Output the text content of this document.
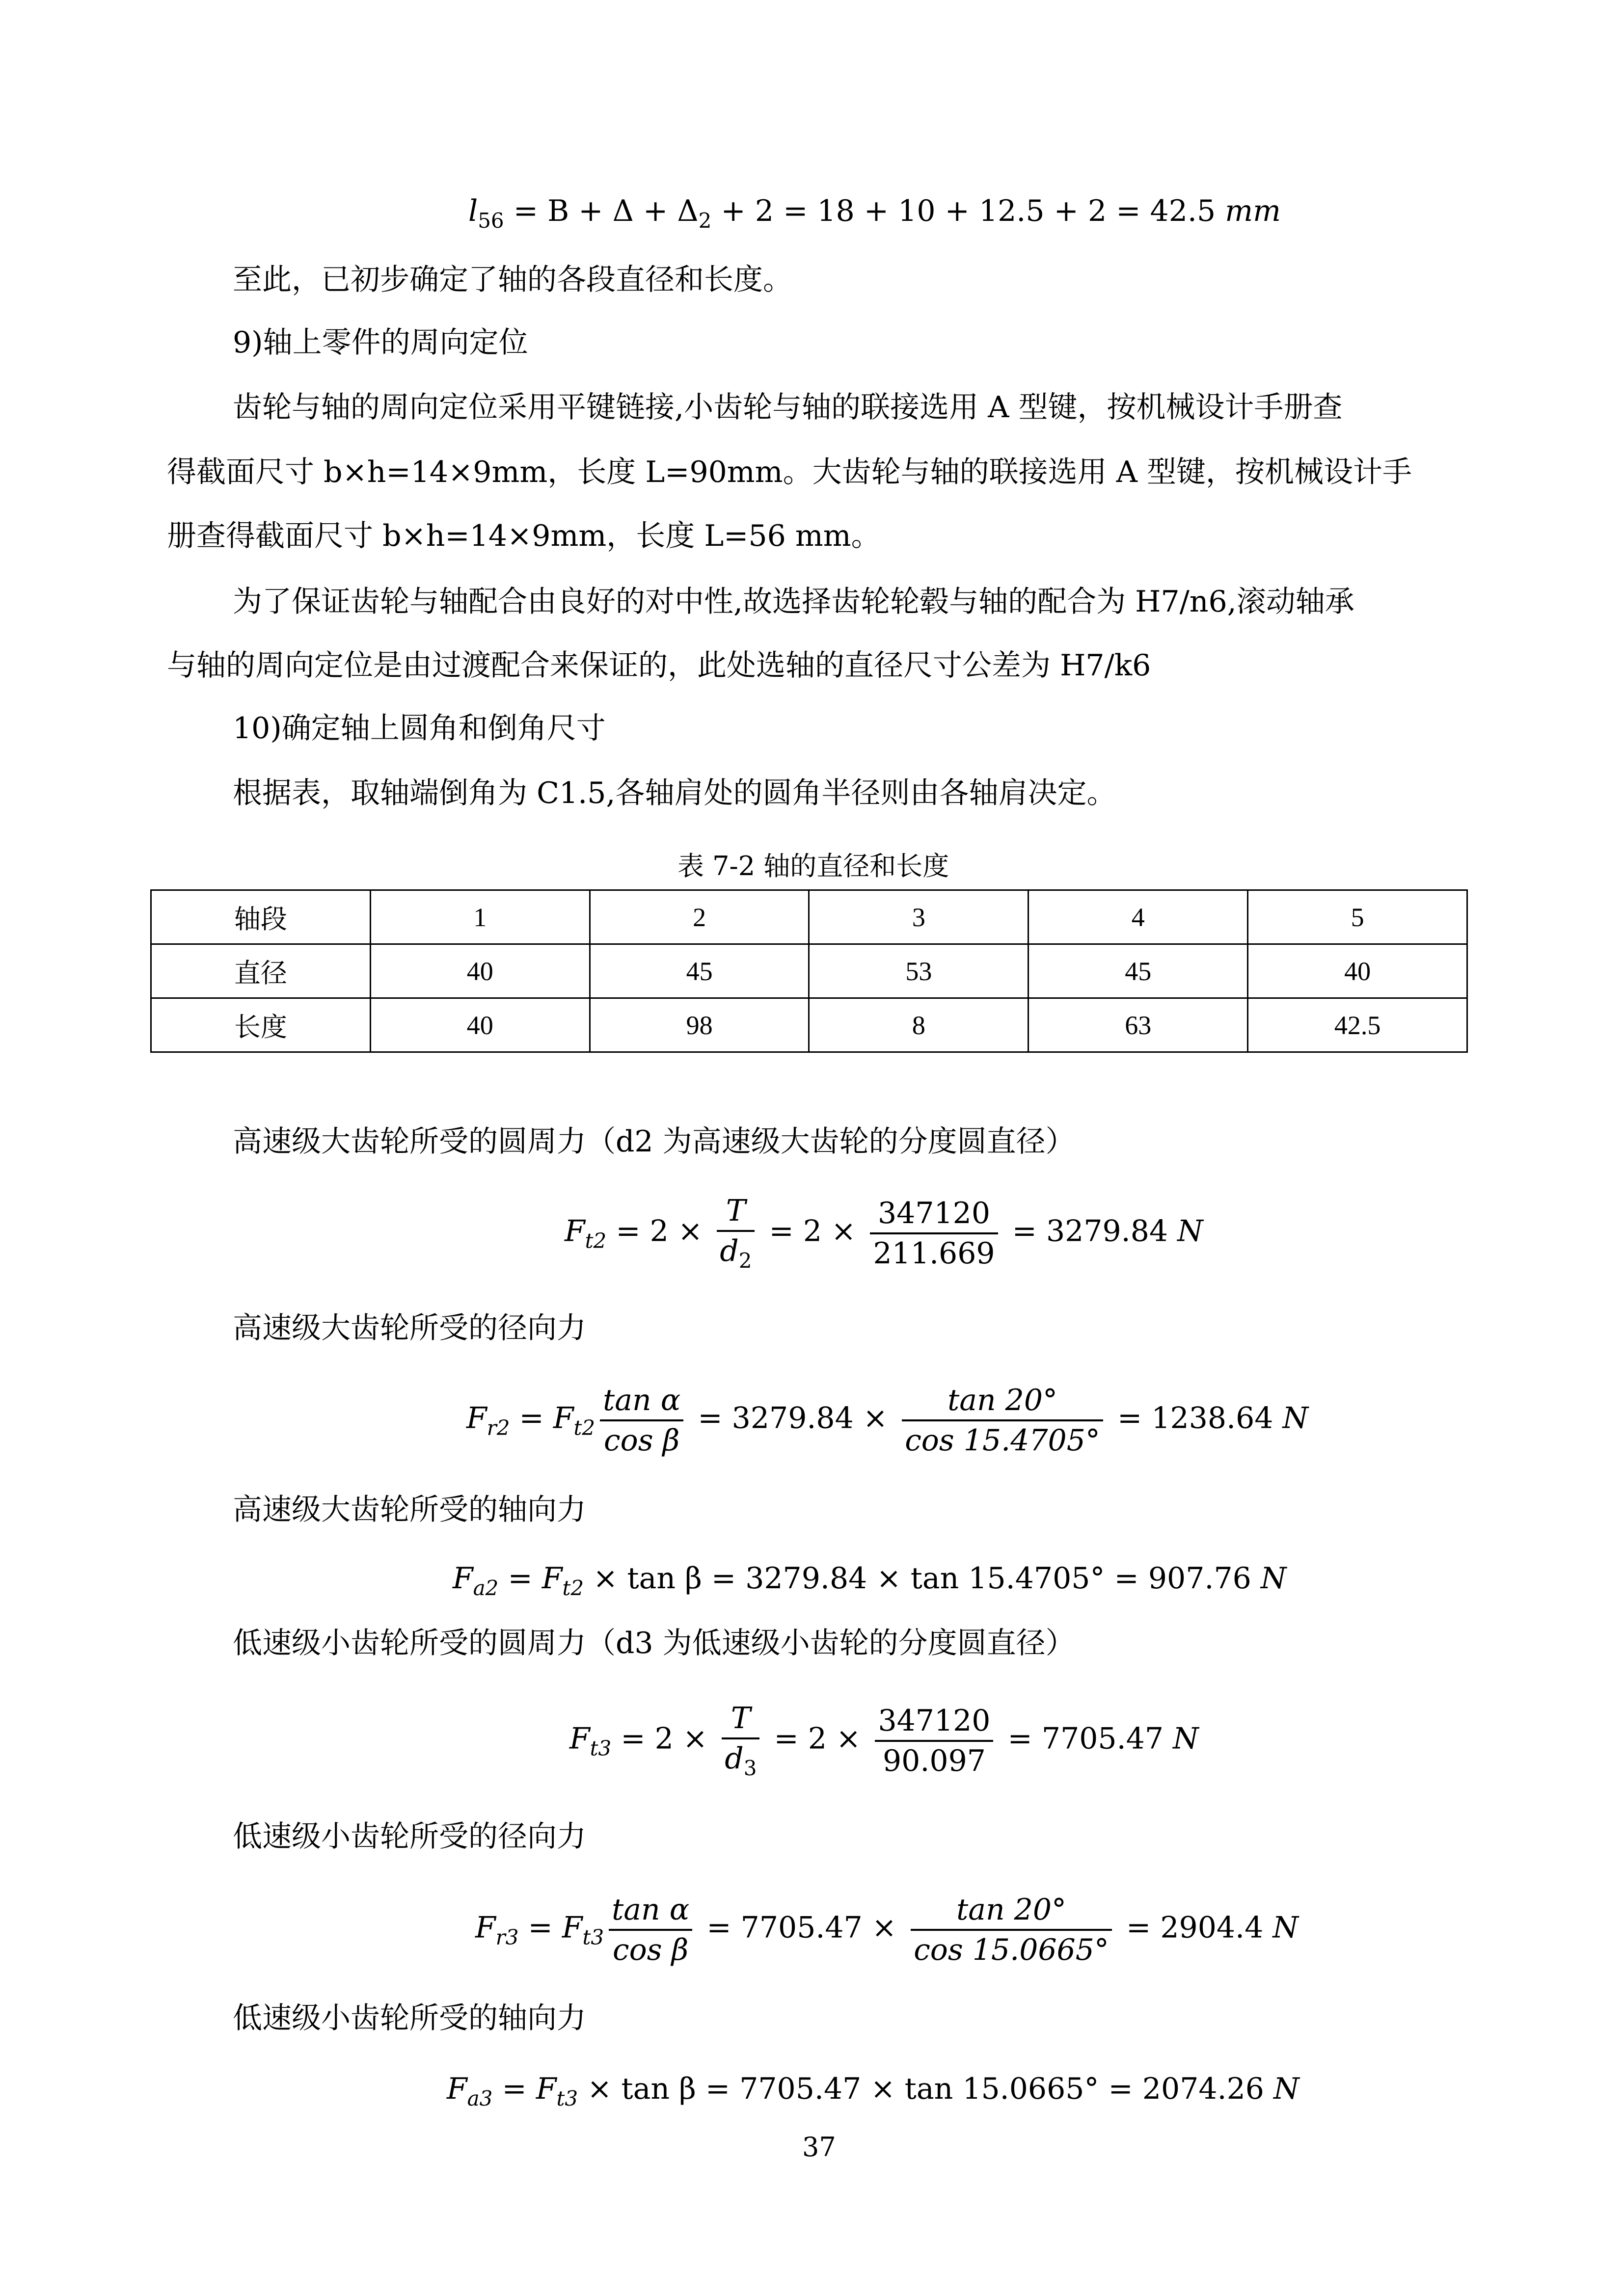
$l_{56} = B + \Delta + \Delta_2 + 2 = 18 + 10 + 12.5 + 2 = 42.5$ mm
至此，已初步确定了轴的各段直径和长度。
9)轴上零件的周向定位
齿轮与轴的周向定位采用平键链接,小齿轮与轴的联接选用 A 型键，按机械设计手册查
得截面尺寸 b×h=14×9mm，长度 L=90mm。大齿轮与轴的联接选用 A 型键，按机械设计手
册查得截面尺寸 b×h=14×9mm，长度 L=56 mm。
为了保证齿轮与轴配合由良好的对中性,故选择齿轮轮毂与轴的配合为 H7/n6,滚动轴承
与轴的周向定位是由过渡配合来保证的，此处选轴的直径尺寸公差为 H7/k6
10)确定轴上圆角和倒角尺寸
根据表，取轴端倒角为 C1.5,各轴肩处的圆角半径则由各轴肩决定。
表 7-2 轴的直径和长度
轴段	1	2	3	4	5
直径	40	45	53	45	40
长度	40	98	8	63	42.5
高速级大齿轮所受的圆周力（d2 为高速级大齿轮的分度圆直径）
$F_{t2} = 2 \times \frac{T}{d_2} = 2 \times \frac{347120}{211.669} = 3279.84$ N
高速级大齿轮所受的径向力
$F_{r2} = F_{t2} \frac{\text{tan α}}{\text{cos β}} = 3279.84 \times \frac{\tan 20^\circ}{\cos 15.4705^\circ} = 1238.64$ N
高速级大齿轮所受的轴向力
$F_{a2} = F_{t2} \times \tan \beta = 3279.84 \times \tan 15.4705^\circ = 907.76$ N
低速级小齿轮所受的圆周力（d3 为低速级小齿轮的分度圆直径）
$F_{t3} = 2 \times \frac{T}{d_3} = 2 \times \frac{347120}{90.097} = 7705.47$ N
低速级小齿轮所受的径向力
$F_{r3} = F_{t3} \frac{\text{tan α}}{\text{cos β}} = 7705.47 \times \frac{\tan 20^\circ}{\cos 15.0665^\circ} = 2904.4$ N
低速级小齿轮所受的轴向力
$F_{a3} = F_{t3} \times \tan \beta = 7705.47 \times \tan 15.0665^\circ = 2074.26$ N
37
